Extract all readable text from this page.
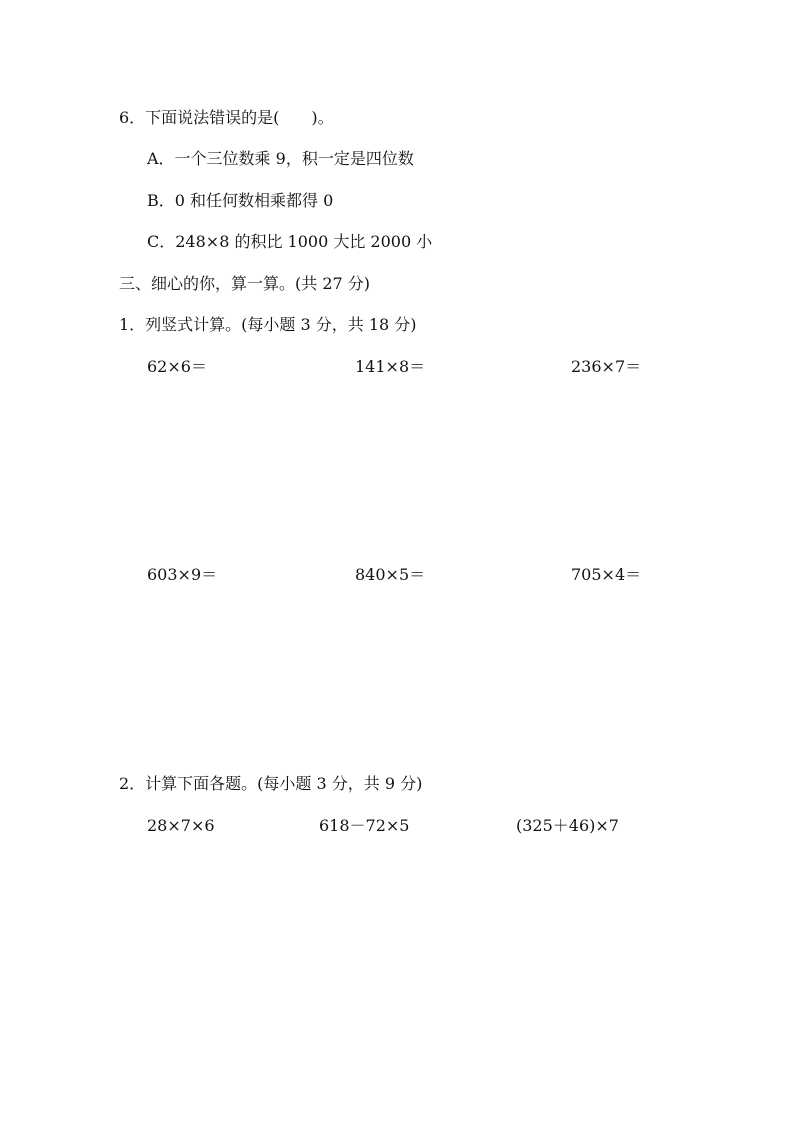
6．下面说法错误的是(　　)。
A．一个三位数乘 9，积一定是四位数
B．0 和任何数相乘都得 0
C．248×8 的积比 1000 大比 2000 小
三、细心的你，算一算。(共 27 分)
1．列竖式计算。(每小题 3 分，共 18 分)
62×6＝	141×8＝	236×7＝
603×9＝	840×5＝	705×4＝
2．计算下面各题。(每小题 3 分，共 9 分)
28×7×6	618－72×5	(325＋46)×7
